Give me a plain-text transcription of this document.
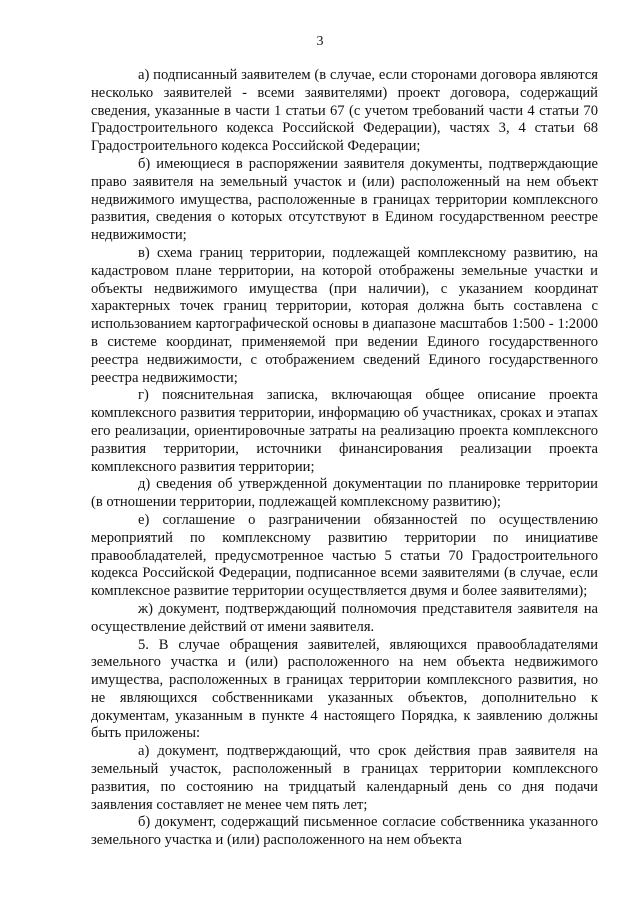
3

а) подписанный заявителем (в случае, если сторонами договора являются несколько заявителей - всеми заявителями) проект договора, содержащий сведения, указанные в части 1 статьи 67 (с учетом требований части 4 статьи 70 Градостроительного кодекса Российской Федерации), частях 3, 4 статьи 68 Градостроительного кодекса Российской Федерации;

б) имеющиеся в распоряжении заявителя документы, подтверждающие право заявителя на земельный участок и (или) расположенный на нем объект недвижимого имущества, расположенные в границах территории комплексного развития, сведения о которых отсутствуют в Едином государственном реестре недвижимости;

в) схема границ территории, подлежащей комплексному развитию, на кадастровом плане территории, на которой отображены земельные участки и объекты недвижимого имущества (при наличии), с указанием координат характерных точек границ территории, которая должна быть составлена с использованием картографической основы в диапазоне масштабов 1:500 - 1:2000 в системе координат, применяемой при ведении Единого государственного реестра недвижимости, с отображением сведений Единого государственного реестра недвижимости;

г) пояснительная записка, включающая общее описание проекта комплексного развития территории, информацию об участниках, сроках и этапах его реализации, ориентировочные затраты на реализацию проекта комплексного развития территории, источники финансирования реализации проекта комплексного развития территории;

д) сведения об утвержденной документации по планировке территории (в отношении территории, подлежащей комплексному развитию);

е) соглашение о разграничении обязанностей по осуществлению мероприятий по комплексному развитию территории по инициативе правообладателей, предусмотренное частью 5 статьи 70 Градостроительного кодекса Российской Федерации, подписанное всеми заявителями (в случае, если комплексное развитие территории осуществляется двумя и более заявителями);

ж) документ, подтверждающий полномочия представителя заявителя на осуществление действий от имени заявителя.

5. В случае обращения заявителей, являющихся правообладателями земельного участка и (или) расположенного на нем объекта недвижимого имущества, расположенных в границах территории комплексного развития, но не являющихся собственниками указанных объектов, дополнительно к документам, указанным в пункте 4 настоящего Порядка, к заявлению должны быть приложены:

а) документ, подтверждающий, что срок действия прав заявителя на земельный участок, расположенный в границах территории комплексного развития, по состоянию на тридцатый календарный день со дня подачи заявления составляет не менее чем пять лет;

б) документ, содержащий письменное согласие собственника указанного земельного участка и (или) расположенного на нем объекта
